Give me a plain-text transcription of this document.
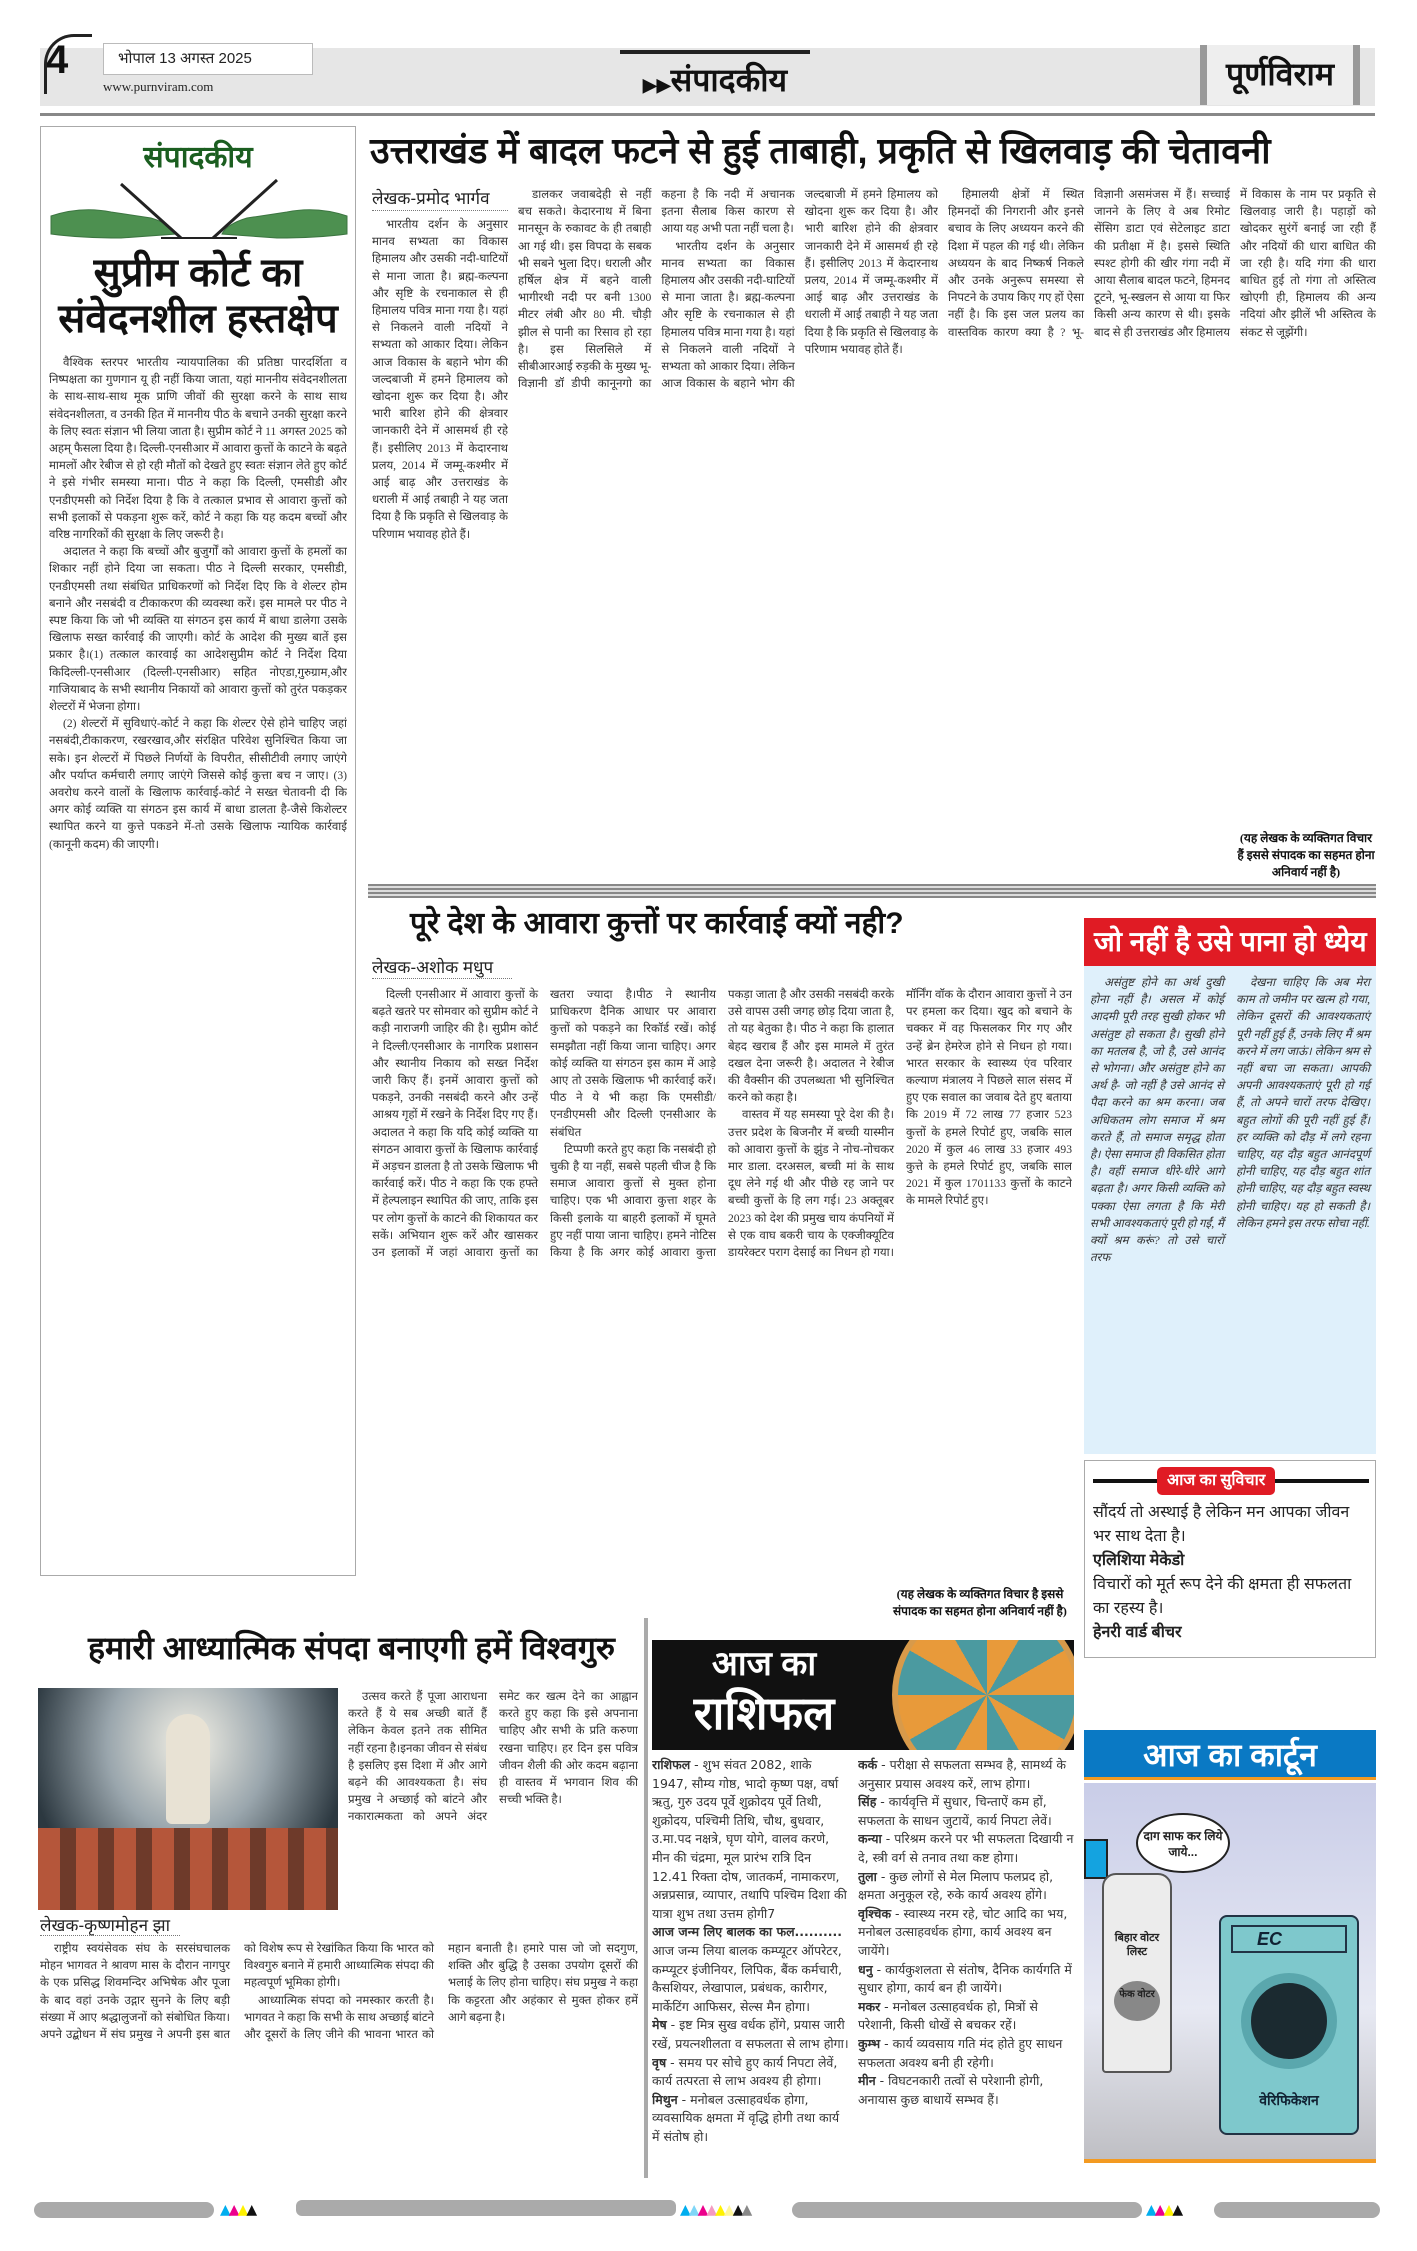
4	भोपाल 13 अगस्त 2025
www.purnviram.com	▶▶संपादकीय	पूर्णविराम
संपादकीय
सुप्रीम कोर्ट का
संवेदनशील हस्तक्षेप

वैश्विक स्तरपर भारतीय न्यायपालिका की प्रतिष्ठा पारदर्शिता व निष्पक्षता का गुणगान यू ही नहीं किया जाता, यहां माननीय संवेदनशीलता के साथ-साथ-साथ मूक प्राणि जीवों की सुरक्षा करने के साथ साथ संवेदनशीलता, व उनकी हित में माननीय पीठ के बचाने उनकी सुरक्षा करने के लिए स्वतः संज्ञान भी लिया जाता है। सुप्रीम कोर्ट ने 11 अगस्त 2025 को अहम् फैसला दिया है। दिल्ली-एनसीआर में आवारा कुत्तों के काटने के बढ़ते मामलों और रेबीज से हो रही मौतों को देखते हुए स्वतः संज्ञान लेते हुए कोर्ट ने इसे गंभीर समस्या माना। पीठ ने कहा कि दिल्ली, एमसीडी और एनडीएमसी को निर्देश दिया है कि वे तत्काल प्रभाव से आवारा कुत्तों को सभी इलाकों से पकड़ना शुरू करें, कोर्ट ने कहा कि यह कदम बच्चों और वरिष्ठ नागरिकों की सुरक्षा के लिए जरूरी है।

अदालत ने कहा कि बच्चों और बुजुर्गों को आवारा कुत्तों के हमलों का शिकार नहीं होने दिया जा सकता। पीठ ने दिल्ली सरकार, एमसीडी, एनडीएमसी तथा संबंधित प्राधिकरणों को निर्देश दिए कि वे शेल्टर होम बनाने और नसबंदी व टीकाकरण की व्यवस्था करें। इस मामले पर पीठ ने स्पष्ट किया कि जो भी व्यक्ति या संगठन इस कार्य में बाधा डालेगा उसके खिलाफ सख्त कार्रवाई की जाएगी। कोर्ट के आदेश की मुख्य बातें इस प्रकार है।(1) तत्काल कारवाई का आदेशसुप्रीम कोर्ट ने निर्देश दिया किदिल्ली-एनसीआर (दिल्ली-एनसीआर) सहित नोएडा,गुरुग्राम,और गाजियाबाद के सभी स्थानीय निकायों को आवारा कुत्तों को तुरंत पकड़कर शेल्टरों में भेजना होगा।

(2) शेल्टरों में सुविधाएं-कोर्ट ने कहा कि शेल्टर ऐसे होने चाहिए जहां नसबंदी,टीकाकरण, रखरखाव,और संरक्षित परिवेश सुनिश्चित किया जा सके। इन शेल्टरों में पिछले निर्णयों के विपरीत, सीसीटीवी लगाए जाएंगे और पर्याप्त कर्मचारी लगाए जाएंगे जिससे कोई कुत्ता बच न जाए। (3) अवरोध करने वालों के खिलाफ कार्रवाई-कोर्ट ने सख्त चेतावनी दी कि अगर कोई व्यक्ति या संगठन इस कार्य में बाधा डालता है-जैसे किशेल्टर स्थापित करने या कुत्ते पकडने में-तो उसके खिलाफ न्यायिक कार्रवाई (कानूनी कदम) की जाएगी।

उत्तराखंड में बादल फटने से हुई ताबाही, प्रकृति से खिलवाड़ की चेतावनी
लेखक-प्रमोद भार्गव

भारतीय दर्शन के अनुसार मानव सभ्यता का विकास हिमालय और उसकी नदी-घाटियों से माना जाता है। ब्रह्म-कल्पना और सृष्टि के रचनाकाल से ही हिमालय पवित्र माना गया है। यहां से निकलने वाली नदियों ने सभ्यता को आकार दिया। लेकिन आज विकास के बहाने भोग की जल्दबाजी में हमने हिमालय को खोदना शुरू कर दिया है। और भारी बारिश होने की क्षेत्रवार जानकारी देने में आसमर्थ ही रहे हैं। इसीलिए 2013 में केदारनाथ प्रलय, 2014 में जम्मू-कश्मीर में आई बाढ़ और उत्तराखंड के धराली में आई तबाही ने यह जता दिया है कि प्रकृति से खिलवाड़ के परिणाम भयावह होते हैं।

डालकर जवाबदेही से नहीं बच सकते। केदारनाथ में बिना मानसून के रुकावट के ही तबाही आ गई थी। इस विपदा के सबक भी सबने भुला दिए। धराली और हर्षिल क्षेत्र में बहने वाली भागीरथी नदी पर बनी 1300 मीटर लंबी और 80 मी. चौड़ी झील से पानी का रिसाव हो रहा है। इस सिलसिले में सीबीआरआई रुड़की के मुख्य भू-विज्ञानी डॉ डीपी कानूनगो का कहना है कि नदी में अचानक इतना सैलाब किस कारण से आया यह अभी पता नहीं चला है।

भारतीय दर्शन के अनुसार मानव सभ्यता का विकास हिमालय और उसकी नदी-घाटियों से माना जाता है। ब्रह्म-कल्पना और सृष्टि के रचनाकाल से ही हिमालय पवित्र माना गया है। यहां से निकलने वाली नदियों ने सभ्यता को आकार दिया। लेकिन आज विकास के बहाने भोग की जल्दबाजी में हमने हिमालय को खोदना शुरू कर दिया है। और भारी बारिश होने की क्षेत्रवार जानकारी देने में आसमर्थ ही रहे हैं। इसीलिए 2013 में केदारनाथ प्रलय, 2014 में जम्मू-कश्मीर में आई बाढ़ और उत्तराखंड के धराली में आई तबाही ने यह जता दिया है कि प्रकृति से खिलवाड़ के परिणाम भयावह होते हैं।

हिमालयी क्षेत्रों में स्थित हिमनदों की निगरानी और इनसे बचाव के लिए अध्ययन करने की दिशा में पहल की गई थी। लेकिन अध्ययन के बाद निष्कर्ष निकले और उनके अनुरूप समस्या से निपटने के उपाय किए गए हों ऐसा नहीं है। कि इस जल प्रलय का वास्तविक कारण क्या है ? भू-विज्ञानी असमंजस में हैं। सच्चाई जानने के लिए वे अब रिमोट सेंसिग डाटा एवं सेटेलाइट डाटा की प्रतीक्षा में है। इससे स्थिति स्पश्ट होगी की खीर गंगा नदी में आया सैलाब बादल फटने, हिमनद टूटने, भू-स्खलन से आया या फिर किसी अन्य कारण से थी। इसके बाद से ही उत्तराखंड और हिमालय में विकास के नाम पर प्रकृति से खिलवाड़ जारी है। पहाड़ों को खोदकर सुरंगें बनाई जा रही हैं और नदियों की धारा बाधित की जा रही है। यदि गंगा की धारा बाधित हुई तो गंगा तो अस्तित्व खोएगी ही, हिमालय की अन्य नदियां और झीलें भी अस्तित्व के संकट से जूझेंगी।

(यह लेखक के व्यक्तिगत विचार हैं इससे संपादक का सहमत होना अनिवार्य नहीं है)
पूरे देश के आवारा कुत्तों पर कार्रवाई क्यों नही?
लेखक-अशोक मधुप

दिल्ली एनसीआर में आवारा कुत्तों के बढ़ते खतरे पर सोमवार को सुप्रीम कोर्ट ने कड़ी नाराजगी जाहिर की है। सुप्रीम कोर्ट ने दिल्ली/एनसीआर के नागरिक प्रशासन और स्थानीय निकाय को सख्त निर्देश जारी किए हैं। इनमें आवारा कुत्तों को पकड़ने, उनकी नसबंदी करने और उन्हें आश्रय गृहों में रखने के निर्देश दिए गए हैं। अदालत ने कहा कि यदि कोई व्यक्ति या संगठन आवारा कुत्तों के खिलाफ कार्रवाई में अड़चन डालता है तो उसके खिलाफ भी कार्रवाई करें। पीठ ने कहा कि एक हफ्ते में हेल्पलाइन स्थापित की जाए, ताकि इस पर लोग कुत्तों के काटने की शिकायत कर सकें। अभियान शुरू करें और खासकर उन इलाकों में जहां आवारा कुत्तों का खतरा ज्यादा है।पीठ ने स्थानीय प्राधिकरण दैनिक आधार पर आवारा कुत्तों को पकड़ने का रिकॉर्ड रखें। कोई समझौता नहीं किया जाना चाहिए। अगर कोई व्यक्ति या संगठन इस काम में आड़े आए तो उसके खिलाफ भी कार्रवाई करें।पीठ ने ये भी कहा कि एमसीडी/एनडीएमसी और दिल्ली एनसीआर के संबंधित

टिप्पणी करते हुए कहा कि नसबंदी हो चुकी है या नहीं, सबसे पहली चीज है कि समाज आवारा कुत्तों से मुक्त होना चाहिए। एक भी आवारा कुत्ता शहर के किसी इलाके या बाहरी इलाकों में घूमते हुए नहीं पाया जाना चाहिए। हमने नोटिस किया है कि अगर कोई आवारा कुत्ता पकड़ा जाता है और उसकी नसबंदी करके उसे वापस उसी जगह छोड़ दिया जाता है, तो यह बेतुका है। पीठ ने कहा कि हालात बेहद खराब हैं और इस मामले में तुरंत दखल देना जरूरी है। अदालत ने रेबीज की वैक्सीन की उपलब्धता भी सुनिश्चित करने को कहा है।

वास्तव में यह समस्या पूरे देश की है। उत्तर प्रदेश के बिजनौर में बच्ची यास्मीन को आवारा कुत्तों के झुंड ने नोच-नोचकर मार डाला. दरअसल, बच्ची मां के साथ दूध लेने गई थी और पीछे रह जाने पर बच्ची कुत्तों के हि लग गई। 23 अक्तूबर 2023 को देश की प्रमुख चाय कंपनियों में से एक वाघ बकरी चाय के एक्जीक्यूटिव डायरेक्टर पराग देसाई का निधन हो गया। मॉर्निंग वॉक के दौरान आवारा कुत्तों ने उन पर हमला कर दिया। खुद को बचाने के चक्कर में वह फिसलकर गिर गए और उन्हें ब्रेन हेमरेज होने से निधन हो गया। भारत सरकार के स्वास्थ्य एंव परिवार कल्याण मंत्रालय ने पिछले साल संसद में हुए एक सवाल का जवाब देते हुए बताया कि 2019 में 72 लाख 77 हजार 523 कुत्तों के हमले रिपोर्ट हुए, जबकि साल 2020 में कुल 46 लाख 33 हजार 493 कुत्ते के हमले रिपोर्ट हुए, जबकि साल 2021 में कुल 1701133 कुत्तों के काटने के मामले रिपोर्ट हुए।

(यह लेखक के व्यक्तिगत विचार है इससे संपादक का सहमत होना अनिवार्य नहीं है)
जो नहीं है उसे पाना हो ध्येय

असंतुष्ट होने का अर्थ दुखी होना नहीं है। असल में कोई आदमी पूरी तरह सुखी होकर भी असंतुष्ट हो सकता है। सुखी होने का मतलब है, जो है, उसे आनंद से भोगना। और असंतुष्ट होने का अर्थ है- जो नहीं है उसे आनंद से पैदा करने का श्रम करना। जब अधिकतम लोग समाज में श्रम करते हैं, तो समाज समृद्ध होता है। ऐसा समाज ही विकसित होता है। वहीं समाज धीरे-धीरे आगे बढ़ता है। अगर किसी व्यक्ति को पक्का ऐसा लगता है कि मेरी सभी आवश्यकताएं पूरी हो गईं, मैं क्यों श्रम करूं? तो उसे चारों तरफ

देखना चाहिए कि अब मेरा काम तो जमीन पर खत्म हो गया, लेकिन दूसरों की आवश्यकताएं पूरी नहीं हुई हैं, उनके लिए मैं श्रम करने में लग जाऊं। लेकिन श्रम से नहीं बचा जा सकता। आपकी अपनी आवश्यकताएं पूरी हो गई हैं, तो अपने चारों तरफ देखिए। बहुत लोगों की पूरी नहीं हुई हैं। हर व्यक्ति को दौड़ में लगे रहना चाहिए, यह दौड़ बहुत आनंदपूर्ण होनी चाहिए, यह दौड़ बहुत शांत होनी चाहिए, यह दौड़ बहुत स्वस्थ होनी चाहिए। यह हो सकती है। लेकिन हमने इस तरफ सोचा नहीं.

आज का सुविचार
सौंदर्य तो अस्थाई है लेकिन मन आपका जीवन भर साथ देता है।
एलिशिया मेकेडो
विचारों को मूर्त रूप देने की क्षमता ही सफलता का रहस्य है।
हेनरी वार्ड बीचर
आज का कार्टून
दाग साफ कर लिये जाये...
बिहार वोटर लिस्ट
फेक वोटर
EC
वेरिफिकेशन
हमारी आध्यात्मिक संपदा बनाएगी हमें विश्वगुरु
लेखक-कृष्णमोहन झा

राष्ट्रीय स्वयंसेवक संघ के सरसंघचालक मोहन भागवत ने श्रावण मास के दौरान नागपुर के एक प्रसिद्ध शिवमन्दिर अभिषेक और पूजा के बाद वहां उनके उद्गार सुनने के लिए बड़ी संख्या में आए श्रद्धालुजनों को संबोधित किया। अपने उद्बोधन में संघ प्रमुख ने अपनी इस बात को विशेष रूप से रेखांकित किया कि भारत को विश्वगुरु बनाने में हमारी आध्यात्मिक संपदा की महत्वपूर्ण भूमिका होगी।

आध्यात्मिक संपदा को नमस्कार करती है।भागवत ने कहा कि सभी के साथ अच्छाई बांटने और दूसरों के लिए जीने की भावना भारत को महान बनाती है। हमारे पास जो जो सदगुण, शक्ति और बुद्धि है उसका उपयोग दूसरों की भलाई के लिए होना चाहिए। संघ प्रमुख ने कहा कि कट्टरता और अहंकार से मुक्त होकर हमें आगे बढ़ना है।

उत्सव करते हैं पूजा आराधना करते हैं ये सब अच्छी बातें हैं लेकिन केवल इतने तक सीमित नहीं रहना है।इनका जीवन से संबंध है इसलिए इस दिशा में और आगे बढ़ने की आवश्यकता है। संघ प्रमुख ने अच्छाई को बांटने और नकारात्मकता को अपने अंदर समेट कर खत्म देने का आह्वान करते हुए कहा कि इसे अपनाना चाहिए और सभी के प्रति करुणा रखना चाहिए। हर दिन इस पवित्र जीवन शैली की ओर कदम बढ़ाना ही वास्तव में भगवान शिव की सच्ची भक्ति है।

आज का
राशिफल
राशिफल - शुभ संवत 2082, शाके 1947, सौम्य गोष्ठ, भादो कृष्ण पक्ष, वर्षा ऋतु, गुरु उदय पूर्वे शुक्रोदय पूर्वे तिथी, शुक्रोदय, पश्चिमी तिथि, चौथ, बुधवार, उ.मा.पद नक्षत्रे, घृण योगे, वालव करणे, मीन की चंद्रमा, मूल प्रारंभ रात्रि दिन 12.41 रिक्ता दोष, जातकर्म, नामाकरण, अन्नप्रसान्न, व्यापार, तथापि पश्चिम दिशा की यात्रा शुभ तथा उत्तम होगी7
आज जन्म लिए बालक का फल.......... आज जन्म लिया बालक कम्प्यूटर ऑपरेटर, कम्प्यूटर इंजीनियर, लिपिक, बैंक कर्मचारी, कैसशियर, लेखापाल, प्रबंधक, कारीगर, मार्केटिंग आफिसर, सेल्स मैन होगा।
मेष - इष्ट मित्र सुख वर्धक होंगे, प्रयास जारी रखें, प्रयत्नशीलता व सफलता से लाभ होगा।
वृष - समय पर सोचे हुए कार्य निपटा लेवें, कार्य तत्परता से लाभ अवश्य ही होगा।
मिथुन - मनोबल उत्साहवर्धक होगा, व्यवसायिक क्षमता में वृद्धि होगी तथा कार्य में संतोष हो।
कर्क - परीक्षा से सफलता सम्भव है, सामर्थ्य के अनुसार प्रयास अवश्य करें, लाभ होगा।
सिंह - कार्यवृत्ति में सुधार, चिन्ताऐं कम हों, सफलता के साधन जुटायें, कार्य निपटा लेवें।
कन्या - परिश्रम करने पर भी सफलता दिखायी न दे, स्त्री वर्ग से तनाव तथा कष्ट होगा।
तुला - कुछ लोगों से मेल मिलाप फलप्रद हो, क्षमता अनुकूल रहे, रुके कार्य अवश्य होंगे।
वृश्चिक - स्वास्थ्य नरम रहे, चोट आदि का भय, मनोबल उत्साहवर्धक होगा, कार्य अवश्य बन जायेंगे।
धनु - कार्यकुशलता से संतोष, दैनिक कार्यगति में सुधार होगा, कार्य बन ही जायेंगे।
मकर - मनोबल उत्साहवर्धक हो, मित्रों से परेशानी, किसी धोखें से बचकर रहें।
कुम्भ - कार्य व्यवसाय गति मंद होते हुए साधन सफलता अवश्य बनी ही रहेगी।
मीन - विघटनकारी तत्वों से परेशानी होगी, अनायास कुछ बाधायें सम्भव हैं।
▲▲▲▲	▲▲▲▲▲▲▲▲	▲▲▲▲
